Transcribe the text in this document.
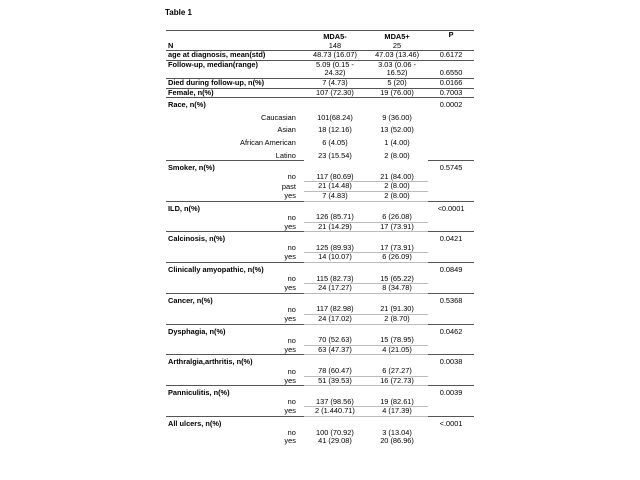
Table 1
	MDA5-	MDA5+	P
N	148	25	
age at diagnosis, mean(std)	48.73 (16.07)	47.03 (13.46)	0.6172
Follow-up, median(range)	5.09 (0.15 -	3.03 (0.06 -	
	24.32)	16.52)	0.6550
Died during follow-up, n(%)	7 (4.73)	5 (20)	0.0166
Female, n(%)	107 (72.30)	19 (76.00)	0.7003
Race, n(%)			0.0002
Caucasian	101(68.24)	9 (36.00)	
Asian	18 (12.16)	13 (52.00)	
African American	6 (4.05)	1 (4.00)	
Latino	23 (15.54)	2 (8.00)	
Smoker, n(%)			0.5745
no	117 (80.69)	21 (84.00)	
past	21 (14.48)	2 (8.00)	
yes	7 (4.83)	2 (8.00)	
ILD, n(%)			<0.0001
no	126 (85.71)	6 (26.08)	
yes	21 (14.29)	17 (73.91)	
Calcinosis, n(%)			0.0421
no	125 (89.93)	17 (73.91)	
yes	14 (10.07)	6 (26.09)	
Clinically amyopathic, n(%)			0.0849
no	115 (82.73)	15 (65.22)	
yes	24 (17.27)	8 (34.78)	
Cancer, n(%)			0.5368
no	117 (82.98)	21 (91.30)	
yes	24 (17.02)	2 (8.70)	
Dysphagia, n(%)			0.0462
no	70 (52.63)	15 (78.95)	
yes	63 (47.37)	4 (21.05)	
Arthralgia,arthritis, n(%)			0.0038
no	78 (60.47)	6 (27.27)	
yes	51 (39.53)	16 (72.73)	
Panniculitis, n(%)			0.0039
no	137 (98.56)	19 (82.61)	
yes	2 (1.440.71)	4 (17.39)	
All ulcers, n(%)			<.0001
no	100 (70.92)	3 (13.04)	
yes	41 (29.08)	20 (86.96)	
